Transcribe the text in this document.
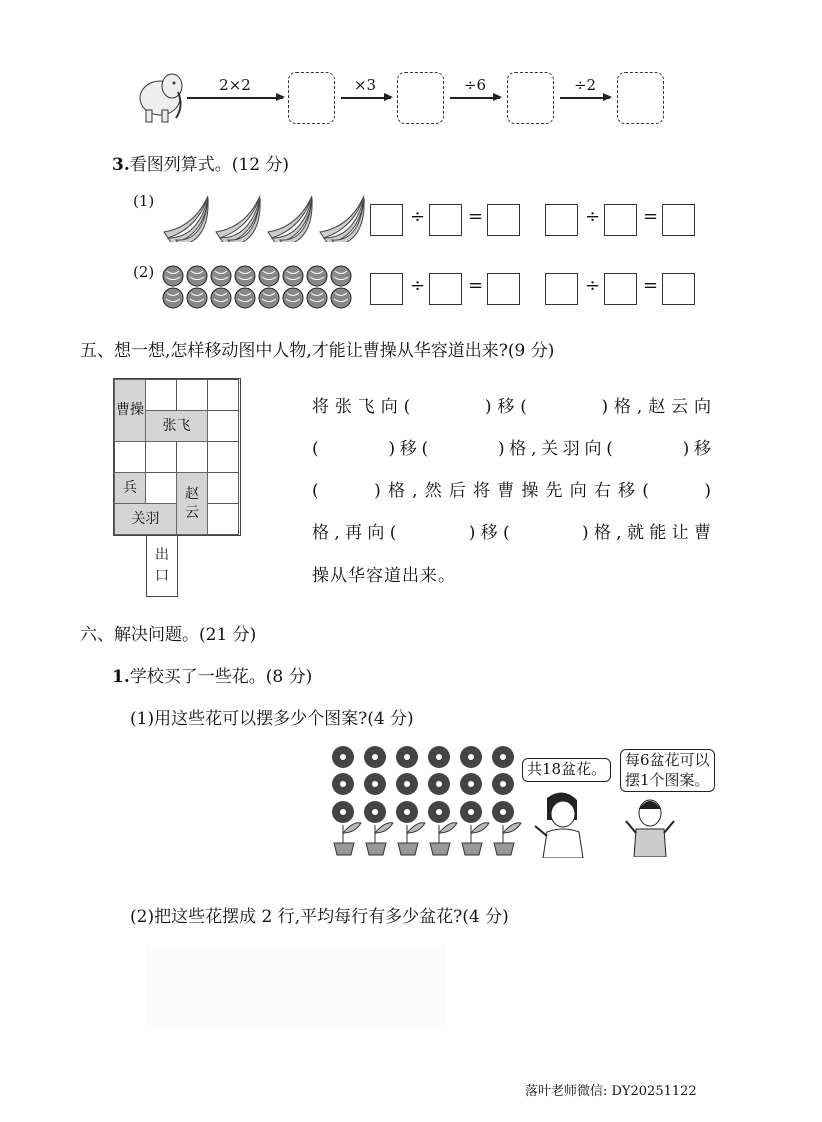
2×2	×3	÷6	÷2
3.看图列算式。(12 分)
(1)
÷ =	÷ =
(2)
÷ =	÷ =
五、想一想,怎样移动图中人物,才能让曹操从华容道出来?(9 分)
曹操
张飞
兵	赵云
关羽
出口
将张飞向(　　　)移(　　　)格,赵云向
(　　　)移(　　　)格,关羽向(　　　)移
(　　)格,然后将曹操先向右移(　　)
格,再向(　　　)移(　　　)格,就能让曹
操从华容道出来。
六、解决问题。(21 分)
1.学校买了一些花。(8 分)
(1)用这些花可以摆多少个图案?(4 分)
共18盆花。	每6盆花可以
摆1个图案。
(2)把这些花摆成 2 行,平均每行有多少盆花?(4 分)
落叶老师微信: DY20251122
